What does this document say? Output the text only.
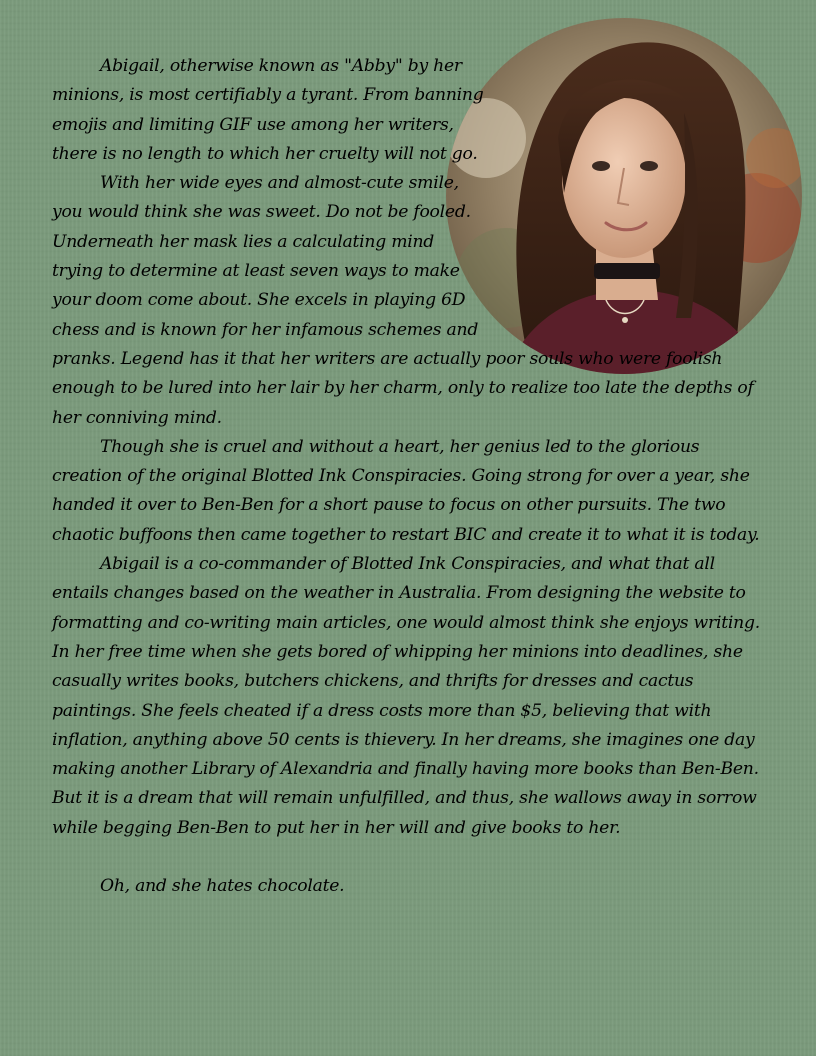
Abigail, otherwise known as "Abby" by her minions, is most certifiably a tyrant. From banning emojis and limiting GIF use among her writers, there is no length to which her cruelty will not go.

With her wide eyes and almost-cute smile, you would think she was sweet. Do not be fooled. Underneath her mask lies a calculating mind trying to determine at least seven ways to make your doom come about. She excels in playing 6D chess and is known for her infamous schemes and pranks. Legend has it that her writers are actually poor souls who were foolish enough to be lured into her lair by her charm, only to realize too late the depths of her conniving mind.

Though she is cruel and without a heart, her genius led to the glorious creation of the original Blotted Ink Conspiracies. Going strong for over a year, she handed it over to Ben-Ben for a short pause to focus on other pursuits. The two chaotic buffoons then came together to restart BIC and create it to what it is today.

Abigail is a co-commander of Blotted Ink Conspiracies, and what that all entails changes based on the weather in Australia. From designing the website to formatting and co-writing main articles, one would almost think she enjoys writing. In her free time when she gets bored of whipping her minions into deadlines, she casually writes books, butchers chickens, and thrifts for dresses and cactus paintings. She feels cheated if a dress costs more than $5, believing that with inflation, anything above 50 cents is thievery. In her dreams, she imagines one day making another Library of Alexandria and finally having more books than Ben-Ben. But it is a dream that will remain unfulfilled, and thus, she wallows away in sorrow while begging Ben-Ben to put her in her will and give books to her.

Oh, and she hates chocolate.
